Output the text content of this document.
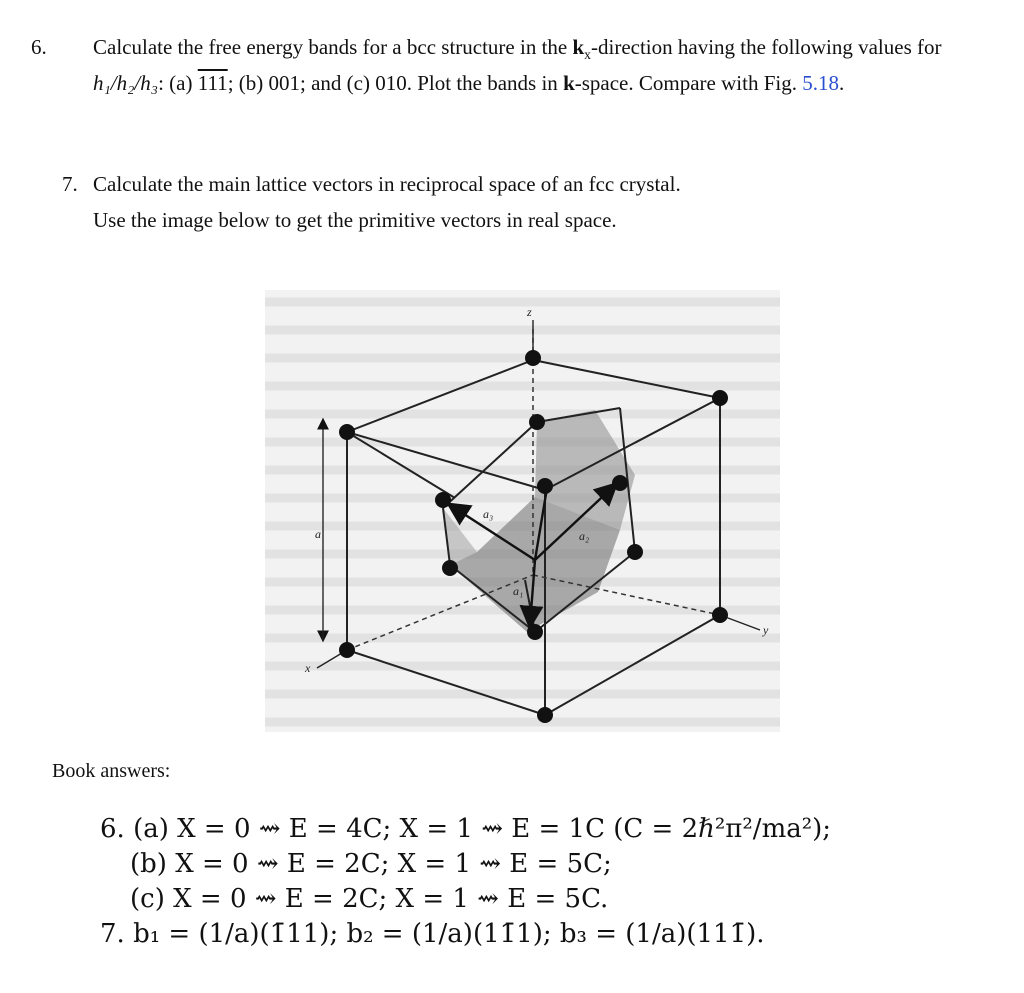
6. Calculate the free energy bands for a bcc structure in the $k_x$-direction having the following values for h₁/h₂/h₃: (a) 111; (b) 001; and (c) 010. Plot the bands in k-space. Compare with Fig. 5.18.
7. Calculate the main lattice vectors in reciprocal space of an fcc crystal.
Use the image below to get the primitive vectors in real space.
z
y
x
a
a₃
a₂
a₁
Book answers:
6. (a) X = 0 ⇝ E = 4C; X = 1 ⇝ E = 1C (C = 2ℏ²π²/ma²);
(b) X = 0 ⇝ E = 2C; X = 1 ⇝ E = 5C;
(c) X = 0 ⇝ E = 2C; X = 1 ⇝ E = 5C.
7. b₁ = (1/a)(1̄11); b₂ = (1/a)(11̄1); b₃ = (1/a)(111̄).
